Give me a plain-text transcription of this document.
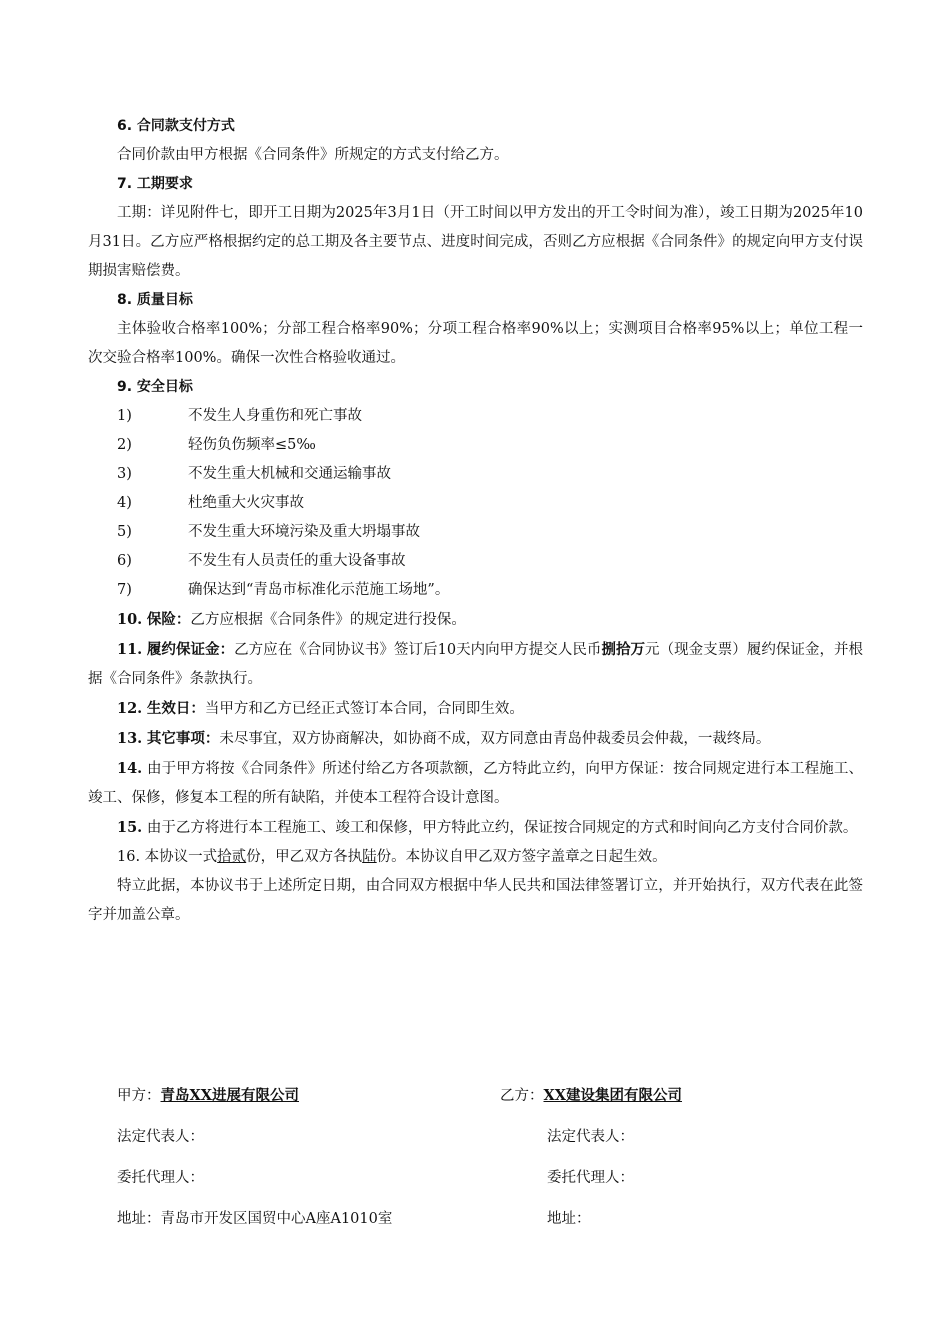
6. 合同款支付方式
合同价款由甲方根据《合同条件》所规定的方式支付给乙方。
7. 工期要求
工期：详见附件七，即开工日期为2025年3月1日（开工时间以甲方发出的开工令时间为准），竣工日期为2025年10月31日。乙方应严格根据约定的总工期及各主要节点、进度时间完成，否则乙方应根据《合同条件》的规定向甲方支付误期损害赔偿费。
8. 质量目标
主体验收合格率100%；分部工程合格率90%；分项工程合格率90%以上；实测项目合格率95%以上；单位工程一次交验合格率100%。确保一次性合格验收通过。
9. 安全目标
1)	不发生人身重伤和死亡事故
2)	轻伤负伤频率≤5‰
3)	不发生重大机械和交通运输事故
4)	杜绝重大火灾事故
5)	不发生重大环境污染及重大坍塌事故
6)	不发生有人员责任的重大设备事故
7)	确保达到“青岛市标准化示范施工场地”。
10. 保险：乙方应根据《合同条件》的规定进行投保。
11. 履约保证金：乙方应在《合同协议书》签订后10天内向甲方提交人民币捌拾万元（现金支票）履约保证金，并根据《合同条件》条款执行。
12. 生效日：当甲方和乙方已经正式签订本合同，合同即生效。
13. 其它事项：未尽事宜，双方协商解决，如协商不成，双方同意由青岛仲裁委员会仲裁，一裁终局。
14. 由于甲方将按《合同条件》所述付给乙方各项款额，乙方特此立约，向甲方保证：按合同规定进行本工程施工、竣工、保修，修复本工程的所有缺陷，并使本工程符合设计意图。
15. 由于乙方将进行本工程施工、竣工和保修，甲方特此立约，保证按合同规定的方式和时间向乙方支付合同价款。
16. 本协议一式拾贰份，甲乙双方各执陆份。本协议自甲乙双方签字盖章之日起生效。
特立此据，本协议书于上述所定日期，由合同双方根据中华人民共和国法律签署订立，并开始执行，双方代表在此签字并加盖公章。
甲方：青岛XX进展有限公司	乙方：XX建设集团有限公司
法定代表人：	法定代表人：
委托代理人：	委托代理人：
地址：青岛市开发区国贸中心A座A1010室	地址：
